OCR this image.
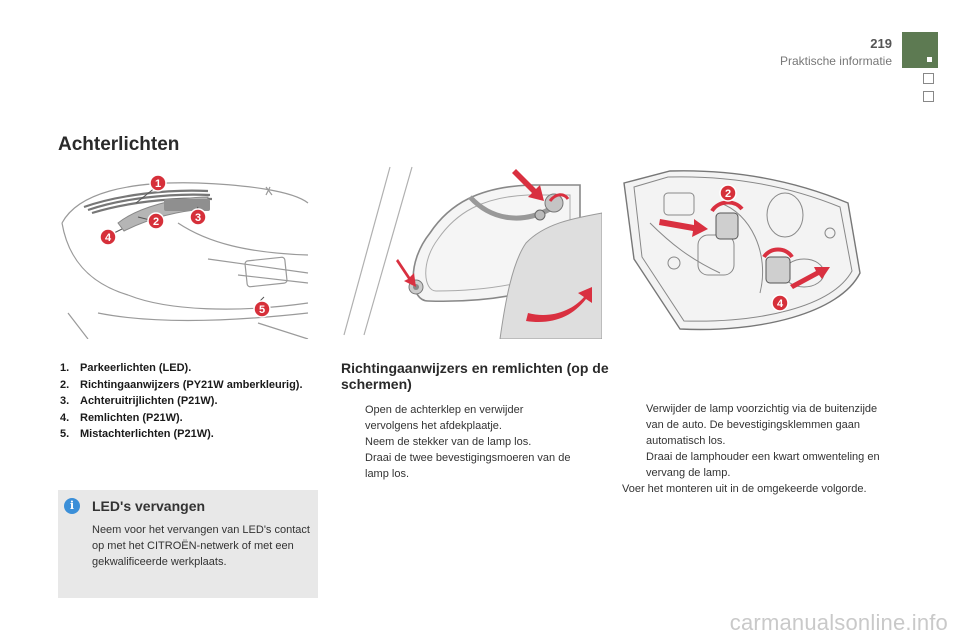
219
Praktische informatie
Achterlichten
1
2	3
4
5
2
4
1. Parkeerlichten (LED).
2. Richtingaanwijzers (PY21W amberkleurig).
3. Achteruitrijlichten (P21W).
4. Remlichten (P21W).
5. Mistachterlichten (P21W).
i	LED's vervangen
Neem voor het vervangen van LED's contact op met het CITROËN-netwerk of met een gekwalificeerde werkplaats.
Richtingaanwijzers en remlichten (op de schermen)
Open de achterklep en verwijder vervolgens het afdekplaatje.
Neem de stekker van de lamp los.
Draai de twee bevestigingsmoeren van de lamp los.
Verwijder de lamp voorzichtig via de buitenzijde van de auto. De bevestigingsklemmen gaan automatisch los.
Draai de lamphouder een kwart omwenteling en vervang de lamp.

Voer het monteren uit in de omgekeerde volgorde.

carmanualsonline.info
